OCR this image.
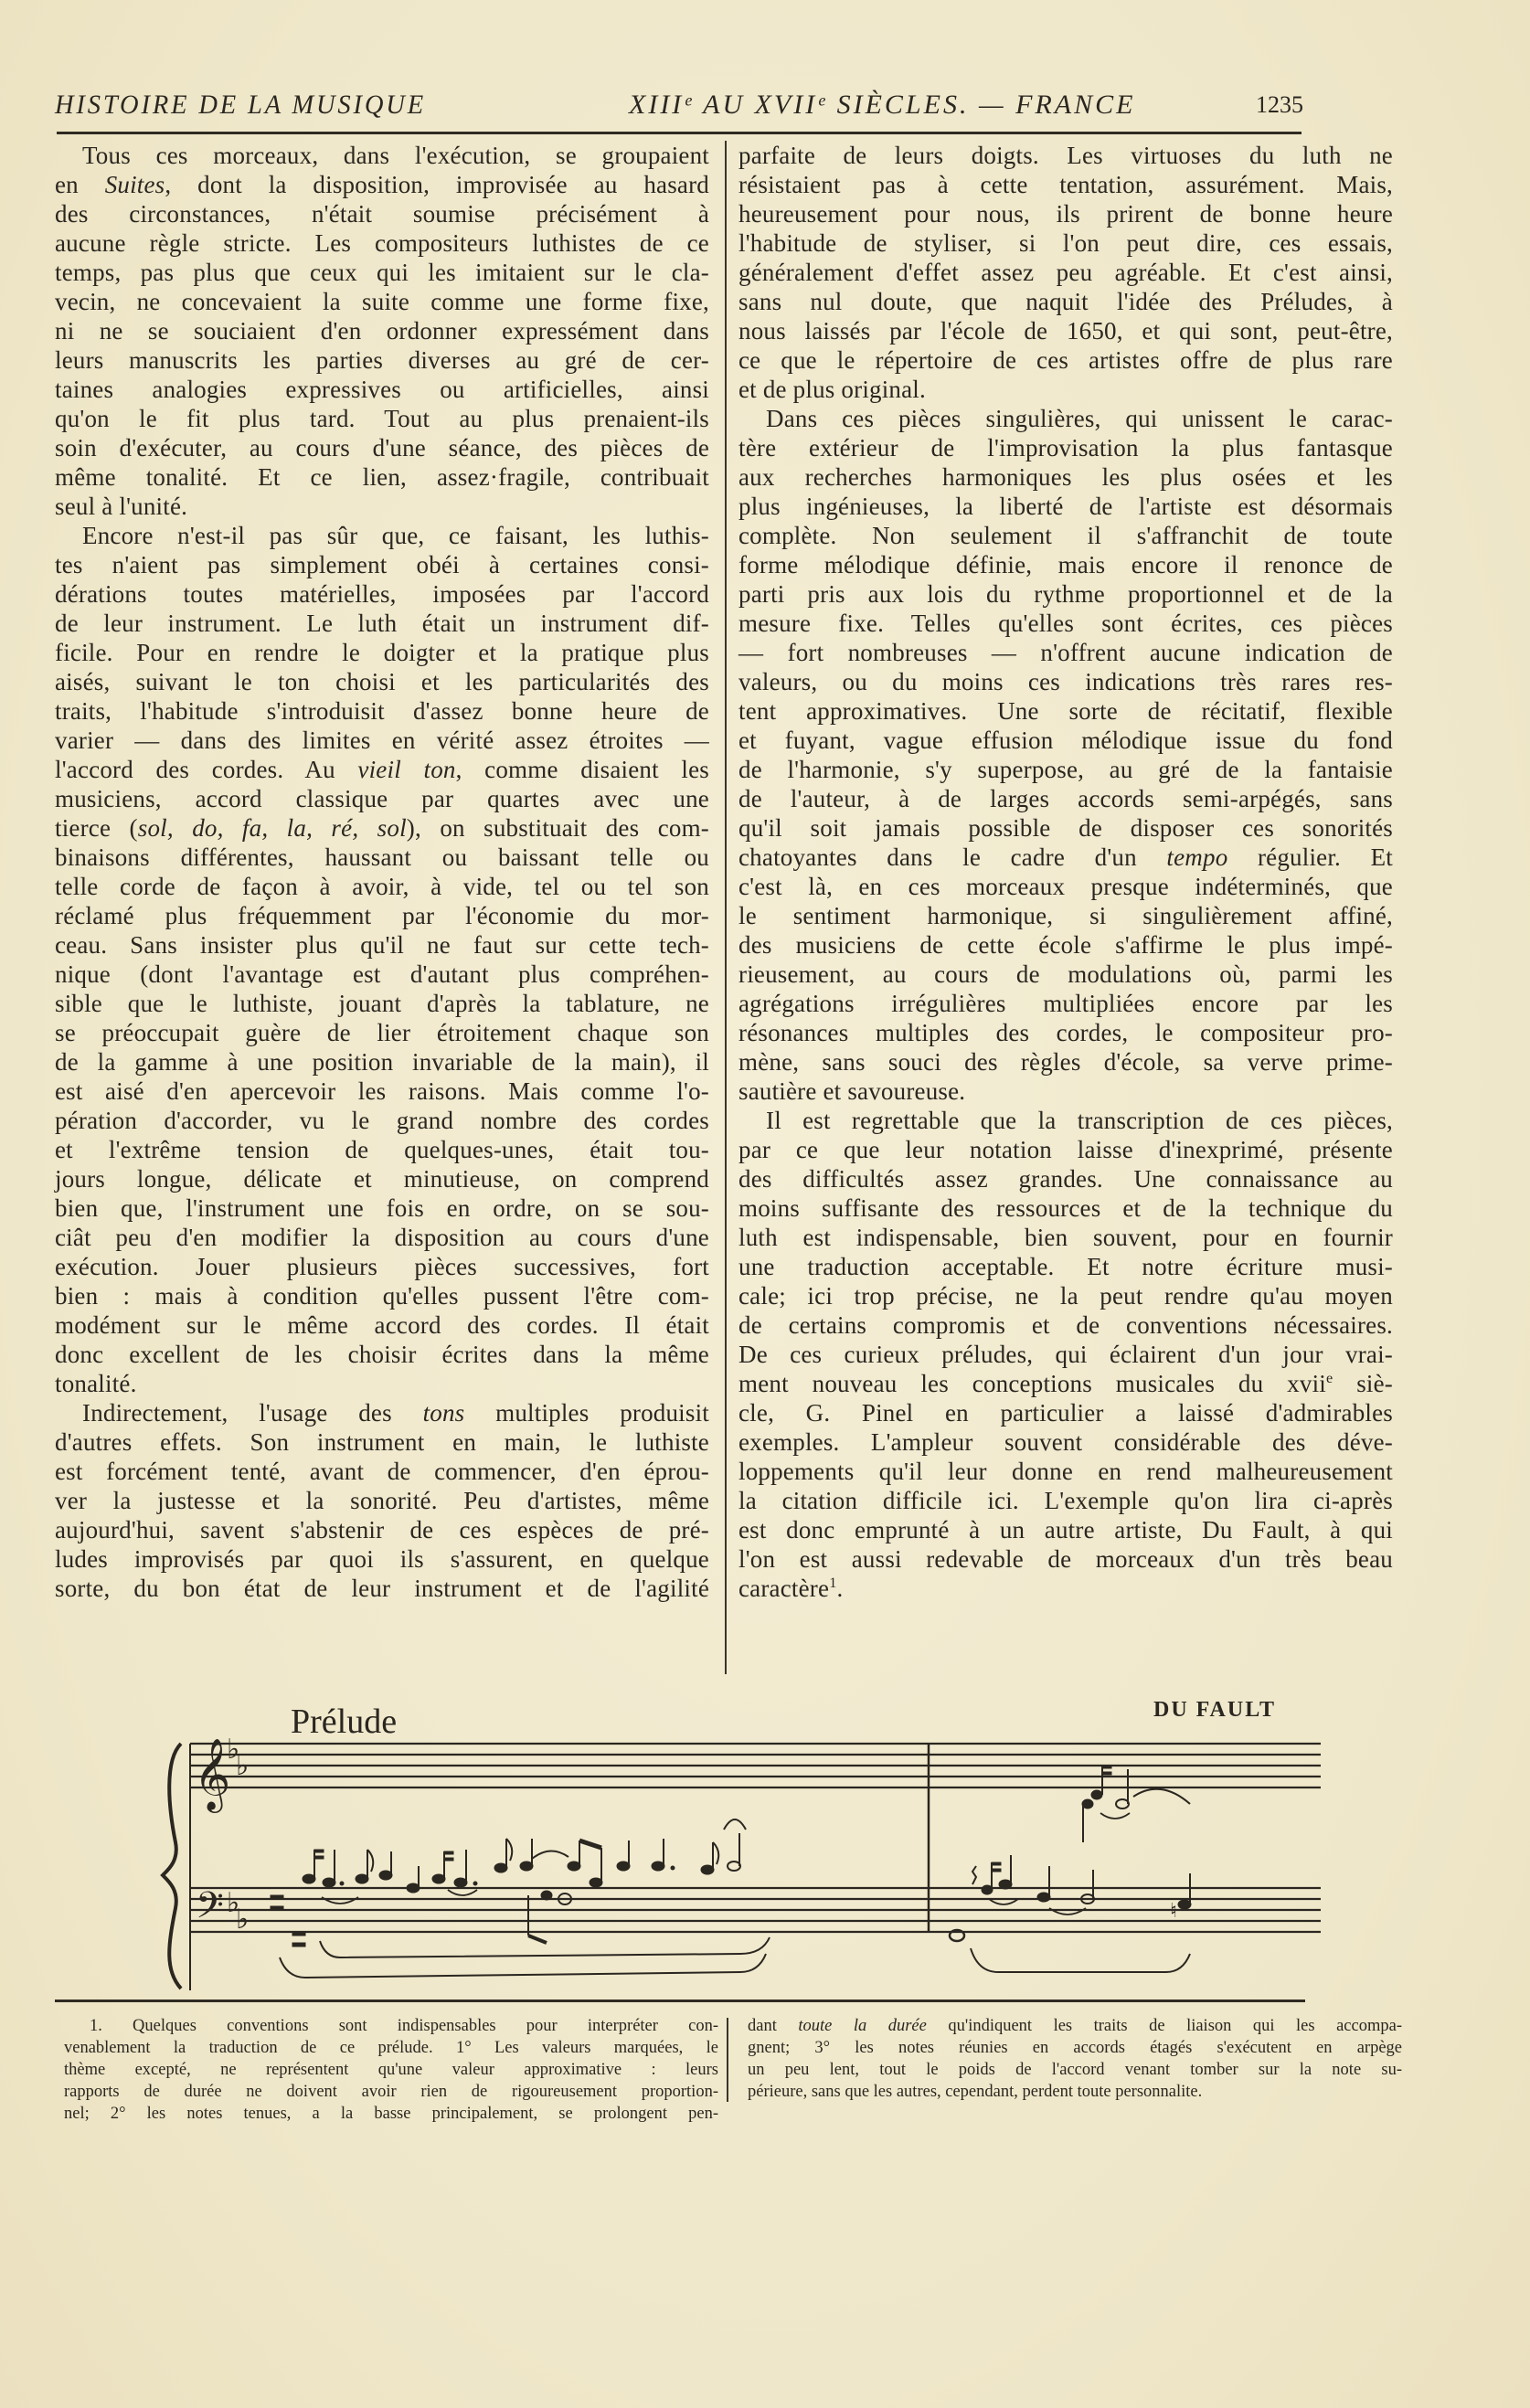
HISTOIRE DE LA MUSIQUE	XIIIᵉ AU XVIIᵉ SIÈCLES. — FRANCE	1235
Tous ces morceaux, dans l'exécution, se groupaient
en Suites, dont la disposition, improvisée au hasard
des circonstances, n'était soumise précisément à
aucune règle stricte. Les compositeurs luthistes de ce
temps, pas plus que ceux qui les imitaient sur le cla-
vecin, ne concevaient la suite comme une forme fixe,
ni ne se souciaient d'en ordonner expressément dans
leurs manuscrits les parties diverses au gré de cer-
taines analogies expressives ou artificielles, ainsi
qu'on le fit plus tard. Tout au plus prenaient-ils
soin d'exécuter, au cours d'une séance, des pièces de
même tonalité. Et ce lien, assez·fragile, contribuait
seul à l'unité.
Encore n'est-il pas sûr que, ce faisant, les luthis-
tes n'aient pas simplement obéi à certaines consi-
dérations toutes matérielles, imposées par l'accord
de leur instrument. Le luth était un instrument dif-
ficile. Pour en rendre le doigter et la pratique plus
aisés, suivant le ton choisi et les particularités des
traits, l'habitude s'introduisit d'assez bonne heure de
varier — dans des limites en vérité assez étroites —
l'accord des cordes. Au vieil ton, comme disaient les
musiciens, accord classique par quartes avec une
tierce (sol, do, fa, la, ré, sol), on substituait des com-
binaisons différentes, haussant ou baissant telle ou
telle corde de façon à avoir, à vide, tel ou tel son
réclamé plus fréquemment par l'économie du mor-
ceau. Sans insister plus qu'il ne faut sur cette tech-
nique (dont l'avantage est d'autant plus compréhen-
sible que le luthiste, jouant d'après la tablature, ne
se préoccupait guère de lier étroitement chaque son
de la gamme à une position invariable de la main), il
est aisé d'en apercevoir les raisons. Mais comme l'o-
pération d'accorder, vu le grand nombre des cordes
et l'extrême tension de quelques-unes, était tou-
jours longue, délicate et minutieuse, on comprend
bien que, l'instrument une fois en ordre, on se sou-
ciât peu d'en modifier la disposition au cours d'une
exécution. Jouer plusieurs pièces successives, fort
bien : mais à condition qu'elles pussent l'être com-
modément sur le même accord des cordes. Il était
donc excellent de les choisir écrites dans la même
tonalité.
Indirectement, l'usage des tons multiples produisit
d'autres effets. Son instrument en main, le luthiste
est forcément tenté, avant de commencer, d'en éprou-
ver la justesse et la sonorité. Peu d'artistes, même
aujourd'hui, savent s'abstenir de ces espèces de pré-
ludes improvisés par quoi ils s'assurent, en quelque
sorte, du bon état de leur instrument et de l'agilité
parfaite de leurs doigts. Les virtuoses du luth ne
résistaient pas à cette tentation, assurément. Mais,
heureusement pour nous, ils prirent de bonne heure
l'habitude de styliser, si l'on peut dire, ces essais,
généralement d'effet assez peu agréable. Et c'est ainsi,
sans nul doute, que naquit l'idée des Préludes, à
nous laissés par l'école de 1650, et qui sont, peut-être,
ce que le répertoire de ces artistes offre de plus rare
et de plus original.
Dans ces pièces singulières, qui unissent le carac-
tère extérieur de l'improvisation la plus fantasque
aux recherches harmoniques les plus osées et les
plus ingénieuses, la liberté de l'artiste est désormais
complète. Non seulement il s'affranchit de toute
forme mélodique définie, mais encore il renonce de
parti pris aux lois du rythme proportionnel et de la
mesure fixe. Telles qu'elles sont écrites, ces pièces
— fort nombreuses — n'offrent aucune indication de
valeurs, ou du moins ces indications très rares res-
tent approximatives. Une sorte de récitatif, flexible
et fuyant, vague effusion mélodique issue du fond
de l'harmonie, s'y superpose, au gré de la fantaisie
de l'auteur, à de larges accords semi-arpégés, sans
qu'il soit jamais possible de disposer ces sonorités
chatoyantes dans le cadre d'un tempo régulier. Et
c'est là, en ces morceaux presque indéterminés, que
le sentiment harmonique, si singulièrement affiné,
des musiciens de cette école s'affirme le plus impé-
rieusement, au cours de modulations où, parmi les
agrégations irrégulières multipliées encore par les
résonances multiples des cordes, le compositeur pro-
mène, sans souci des règles d'école, sa verve prime-
sautière et savoureuse.
Il est regrettable que la transcription de ces pièces,
par ce que leur notation laisse d'inexprimé, présente
des difficultés assez grandes. Une connaissance au
moins suffisante des ressources et de la technique du
luth est indispensable, bien souvent, pour en fournir
une traduction acceptable. Et notre écriture musi-
cale; ici trop précise, ne la peut rendre qu'au moyen
de certains compromis et de conventions nécessaires.
De ces curieux préludes, qui éclairent d'un jour vrai-
ment nouveau les conceptions musicales du xvii$^e$ siè-
cle, G. Pinel en particulier a laissé d'admirables
exemples. L'ampleur souvent considérable des déve-
loppements qu'il leur donne en rend malheureusement
la citation difficile ici. L'exemple qu'on lira ci-après
est donc emprunté à un autre artiste, Du Fault, à qui
l'on est aussi redevable de morceaux d'un très beau
caractère$^1$.
Prélude	DU FAULT
𝄞
♭
♭
𝄢 ♭
♭	♮
1. Quelques conventions sont indispensables pour interpréter con-
venablement la traduction de ce prélude. 1° Les valeurs marquées, le
thème excepté, ne représentent qu'une valeur approximative : leurs
rapports de durée ne doivent avoir rien de rigoureusement proportion-
nel; 2° les notes tenues, a la basse principalement, se prolongent pen-
dant toute la durée qu'indiquent les traits de liaison qui les accompa-
gnent; 3° les notes réunies en accords étagés s'exécutent en arpège
un peu lent, tout le poids de l'accord venant tomber sur la note su-
périeure, sans que les autres, cependant, perdent toute personnalite.
